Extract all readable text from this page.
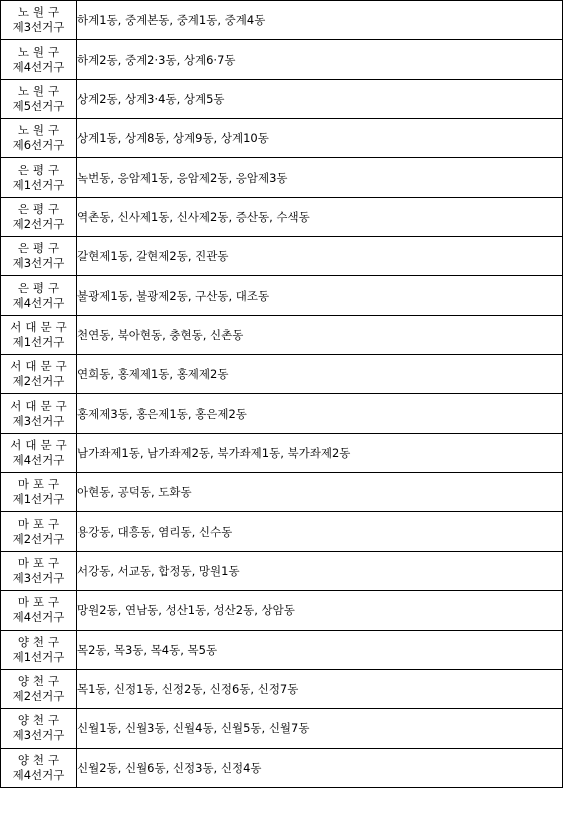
노원구
제3선거구	하계1동, 중계본동, 중계1동, 중계4동

노원구
제4선거구	하계2동, 중계2·3동, 상계6·7동

노원구
제5선거구	상계2동, 상계3·4동, 상계5동

노원구
제6선거구	상계1동, 상계8동, 상계9동, 상계10동

은평구
제1선거구	녹번동, 응암제1동, 응암제2동, 응암제3동

은평구
제2선거구	역촌동, 신사제1동, 신사제2동, 증산동, 수색동

은평구
제3선거구	갈현제1동, 갈현제2동, 진관동

은평구
제4선거구	불광제1동, 불광제2동, 구산동, 대조동

서대문구
제1선거구	천연동, 북아현동, 충현동, 신촌동

서대문구
제2선거구	연희동, 홍제제1동, 홍제제2동

서대문구
제3선거구	홍제제3동, 홍은제1동, 홍은제2동

서대문구
제4선거구	남가좌제1동, 남가좌제2동, 북가좌제1동, 북가좌제2동

마포구
제1선거구	아현동, 공덕동, 도화동

마포구
제2선거구	용강동, 대흥동, 염리동, 신수동

마포구
제3선거구	서강동, 서교동, 합정동, 망원1동

마포구
제4선거구	망원2동, 연남동, 성산1동, 성산2동, 상암동

양천구
제1선거구	목2동, 목3동, 목4동, 목5동

양천구
제2선거구	목1동, 신정1동, 신정2동, 신정6동, 신정7동

양천구
제3선거구	신월1동, 신월3동, 신월4동, 신월5동, 신월7동

양천구
제4선거구	신월2동, 신월6동, 신정3동, 신정4동
